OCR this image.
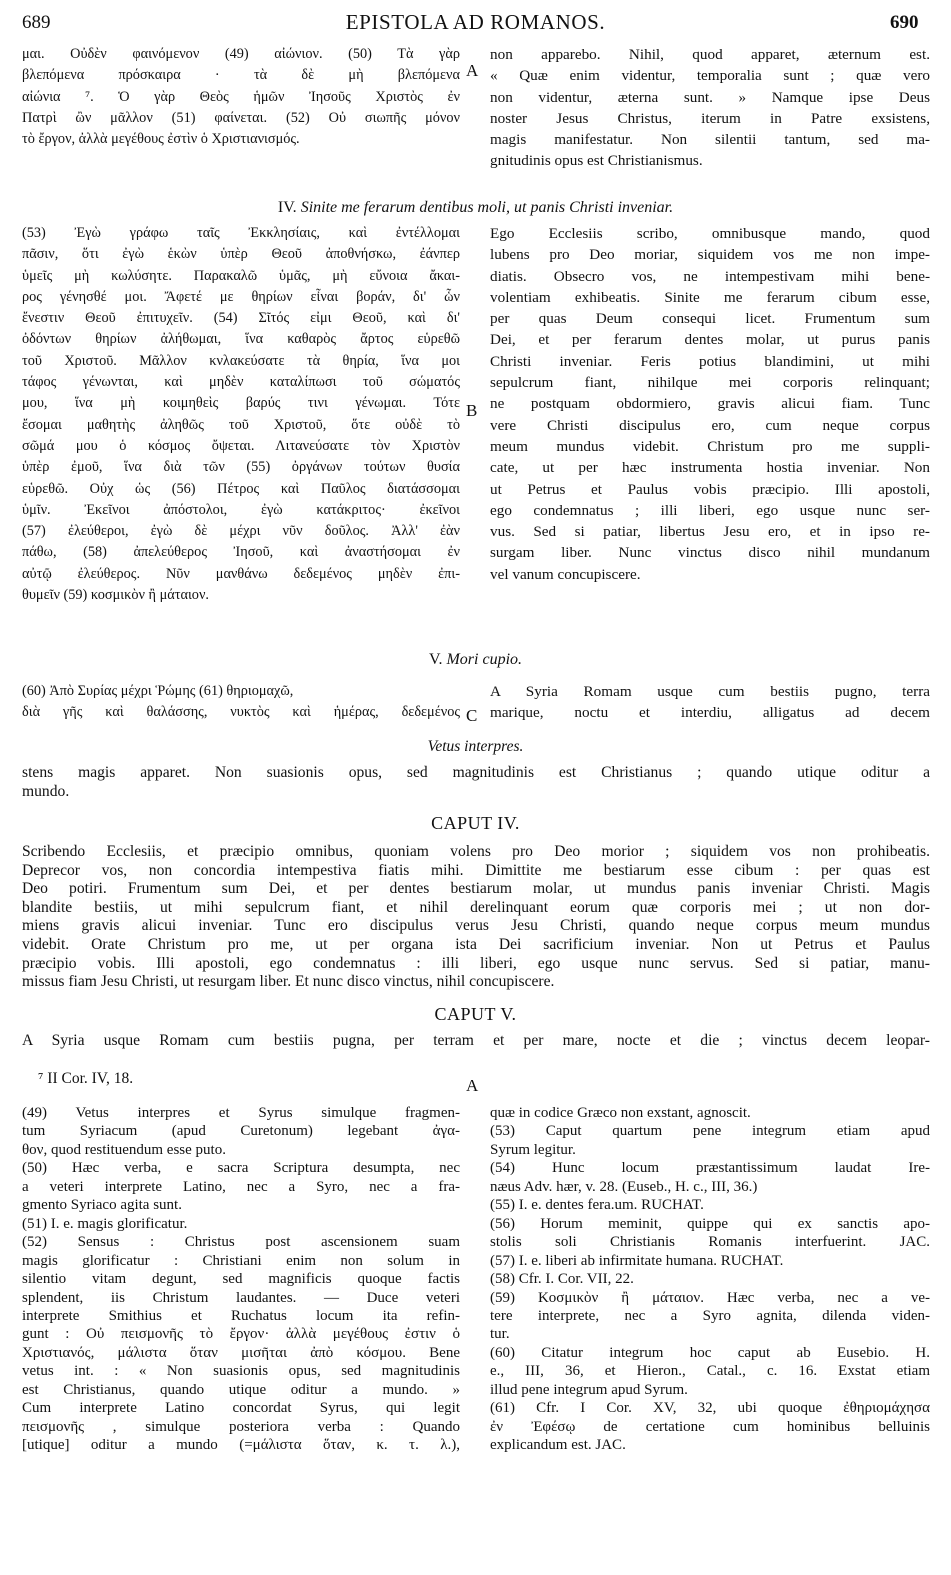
689	EPISTOLA AD ROMANOS.	690
A
B
C
A
μαι. Οὐδὲν φαινόμενον (49) αἰώνιον. (50) Τὰ γὰρ
βλεπόμενα πρόσκαιρα · τὰ δὲ μὴ βλεπόμενα
αἰώνια ⁷. Ὁ γὰρ Θεὸς ἡμῶν Ἰησοῦς Χριστὸς ἐν
Πατρὶ ὢν μᾶλλον (51) φαίνεται. (52) Οὐ σιωπῆς μόνον
τὸ ἔργον, ἀλλὰ μεγέθους ἐστὶν ὁ Χριστιανισμός.
non apparebo. Nihil, quod apparet, æternum est.
« Quæ enim videntur, temporalia sunt ; quæ vero
non videntur, æterna sunt. » Namque ipse Deus
noster Jesus Christus, iterum in Patre exsistens,
magis manifestatur. Non silentii tantum, sed ma-
gnitudinis opus est Christianismus.
IV. Sinite me ferarum dentibus moli, ut panis Christi inveniar.
(53) Ἐγὼ γράφω ταῖς Ἐκκλησίαις, καὶ ἐντέλλομαι
πᾶσιν, ὅτι ἐγὼ ἑκὼν ὑπὲρ Θεοῦ ἀποθνήσκω, ἐάνπερ
ὑμεῖς μὴ κωλύσητε. Παρακαλῶ ὑμᾶς, μὴ εὔνοια ἄκαι-
ρος γένησθέ μοι. Ἄφετέ με θηρίων εἶναι βοράν, δι' ὧν
ἔνεστιν Θεοῦ ἐπιτυχεῖν. (54) Σῖτός εἰμι Θεοῦ, καὶ δι'
ὀδόντων θηρίων ἀλήθωμαι, ἵνα καθαρὸς ἄρτος εὑρεθῶ
τοῦ Χριστοῦ. Μᾶλλον κνλακεύσατε τὰ θηρία, ἵνα μοι
τάφος γένωνται, καὶ μηδὲν καταλίπωσι τοῦ σώματός
μου, ἵνα μὴ κοιμηθεὶς βαρύς τινι γένωμαι. Τότε
ἔσομαι μαθητὴς ἀληθῶς τοῦ Χριστοῦ, ὅτε οὐδὲ τὸ
σῶμά μου ὁ κόσμος ὄψεται. Λιτανεύσατε τὸν Χριστὸν
ὑπὲρ ἐμοῦ, ἵνα διὰ τῶν (55) ὀργάνων τούτων θυσία
εὑρεθῶ. Οὐχ ὡς (56) Πέτρος καὶ Παῦλος διατάσσομαι
ὑμῖν. Ἐκεῖνοι ἀπόστολοι, ἐγὼ κατάκριτος· ἐκεῖνοι
(57) ἐλεύθεροι, ἐγὼ δὲ μέχρι νῦν δοῦλος. Ἀλλ' ἐὰν
πάθω, (58) ἀπελεύθερος Ἰησοῦ, καὶ ἀναστήσομαι ἐν
αὐτῷ ἐλεύθερος. Νῦν μανθάνω δεδεμένος μηδὲν ἐπι-
θυμεῖν (59) κοσμικὸν ἢ μάταιον.
Ego Ecclesiis scribo, omnibusque mando, quod
lubens pro Deo moriar, siquidem vos me non impe-
diatis. Obsecro vos, ne intempestivam mihi bene-
volentiam exhibeatis. Sinite me ferarum cibum esse,
per quas Deum consequi licet. Frumentum sum
Dei, et per ferarum dentes molar, ut purus panis
Christi inveniar. Feris potius blandimini, ut mihi
sepulcrum fiant, nihilque mei corporis relinquant;
ne postquam obdormiero, gravis alicui fiam. Tunc
vere Christi discipulus ero, cum neque corpus
meum mundus videbit. Christum pro me suppli-
cate, ut per hæc instrumenta hostia inveniar. Non
ut Petrus et Paulus vobis præcipio. Illi apostoli,
ego condemnatus ; illi liberi, ego usque nunc ser-
vus. Sed si patiar, libertus Jesu ero, et in ipso re-
surgam liber. Nunc vinctus disco nihil mundanum
vel vanum concupiscere.
V. Mori cupio.
(60) Ἀπὸ Συρίας μέχρι Ῥώμης (61) θηριομαχῶ,
διὰ γῆς καὶ θαλάσσης, νυκτὸς καὶ ἡμέρας, δεδεμένος
A Syria Romam usque cum bestiis pugno, terra
marique, noctu et interdiu, alligatus ad decem
Vetus interpres.
stens magis apparet. Non suasionis opus, sed magnitudinis est Christianus ; quando utique oditur a
mundo.
CAPUT IV.
Scribendo Ecclesiis, et præcipio omnibus, quoniam volens pro Deo morior ; siquidem vos non prohibeatis.
Deprecor vos, non concordia intempestiva fiatis mihi. Dimittite me bestiarum esse cibum : per quas est
Deo potiri. Frumentum sum Dei, et per dentes bestiarum molar, ut mundus panis inveniar Christi. Magis
blandite bestiis, ut mihi sepulcrum fiant, et nihil derelinquant eorum quæ corporis mei ; ut non dor-
miens gravis alicui inveniar. Tunc ero discipulus verus Jesu Christi, quando neque corpus meum mundus
videbit. Orate Christum pro me, ut per organa ista Dei sacrificium inveniar. Non ut Petrus et Paulus
præcipio vobis. Illi apostoli, ego condemnatus : illi liberi, ego usque nunc servus. Sed si patiar, manu-
missus fiam Jesu Christi, ut resurgam liber. Et nunc disco vinctus, nihil concupiscere.
CAPUT V.
A Syria usque Romam cum bestiis pugna, per terram et per mare, nocte et die ; vinctus decem leopar-
⁷ II Cor. IV, 18.
(49) Vetus interpres et Syrus simulque fragmen-
tum Syriacum (apud Curetonum) legebant ἀγα-
θον, quod restituendum esse puto.
(50) Hæc verba, e sacra Scriptura desumpta, nec
a veteri interprete Latino, nec a Syro, nec a fra-
gmento Syriaco agita sunt.
(51) I. e. magis glorificatur.
(52) Sensus : Christus post ascensionem suam
magis glorificatur : Christiani enim non solum in
silentio vitam degunt, sed magnificis quoque factis
splendent, iis Christum laudantes. — Duce veteri
interprete Smithius et Ruchatus locum ita refin-
gunt : Οὐ πεισμονῆς τὸ ἔργον· ἀλλὰ μεγέθους ἐστιν ὁ
Χριστιανός, μάλιστα ὅταν μισῆται ἀπὸ κόσμου. Bene
vetus int. : « Non suasionis opus, sed magnitudinis
est Christianus, quando utique oditur a mundo. »
Cum interprete Latino concordat Syrus, qui legit
πεισμονῆς , simulque posteriora verba : Quando
[utique] oditur a mundo (=μάλιστα ὅταν, κ. τ. λ.),
quæ in codice Græco non exstant, agnoscit.
(53) Caput quartum pene integrum etiam apud
Syrum legitur.
(54) Hunc locum præstantissimum laudat Ire-
næus Adv. hær, v. 28. (Euseb., H. c., III, 36.)
(55) I. e. dentes fera.um. RUCHAT.
(56) Horum meminit, quippe qui ex sanctis apo-
stolis soli Christianis Romanis interfuerint. JAC.
(57) I. e. liberi ab infirmitate humana. RUCHAT.
(58) Cfr. I. Cor. VII, 22.
(59) Κοσμικὸν ἢ μάταιον. Hæc verba, nec a ve-
tere interprete, nec a Syro agnita, dilenda viden-
tur.
(60) Citatur integrum hoc caput ab Eusebio. H.
e., III, 36, et Hieron., Catal., c. 16. Exstat etiam
illud pene integrum apud Syrum.
(61) Cfr. I Cor. XV, 32, ubi quoque ἐθηριομάχησα
ἐν Ἐφέσῳ de certatione cum hominibus belluinis
explicandum est. JAC.
